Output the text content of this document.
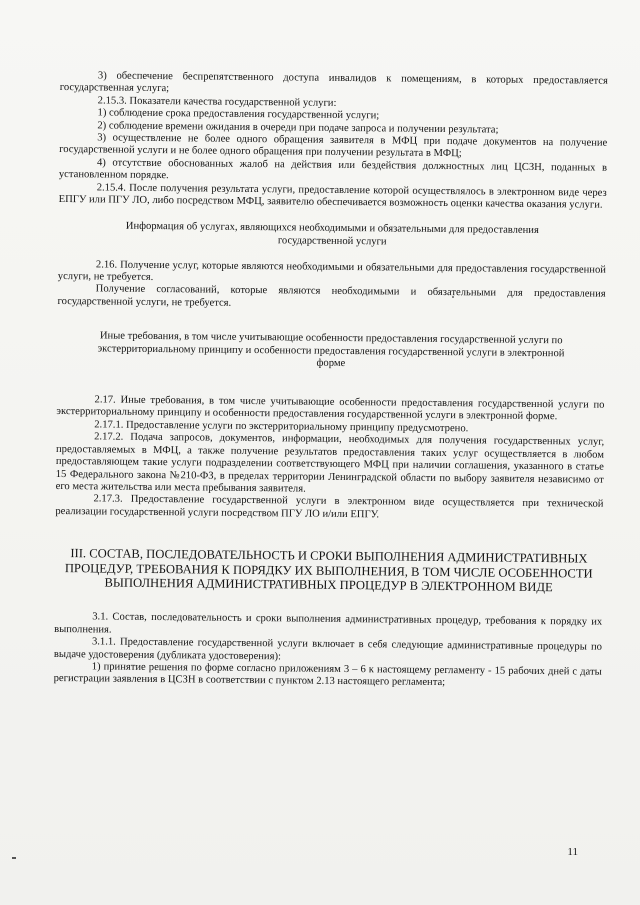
3) обеспечение беспрепятственного доступа инвалидов к помещениям, в которых предоставляется государственная услуга;

2.15.3. Показатели качества государственной услуги:

1) соблюдение срока предоставления государственной услуги;

2) соблюдение времени ожидания в очереди при подаче запроса и получении результата;

3) осуществление не более одного обращения заявителя в МФЦ при подаче документов на получение государственной услуги и не более одного обращения при получении результата в МФЦ;

4) отсутствие обоснованных жалоб на действия или бездействия должностных лиц ЦСЗН, поданных в установленном порядке.

2.15.4. После получения результата услуги, предоставление которой осуществлялось в электронном виде через ЕПГУ или ПГУ ЛО, либо посредством МФЦ, заявителю обеспечивается возможность оценки качества оказания услуги.

Информация об услугах, являющихся необходимыми и обязательными для предоставления государственной услуги

2.16. Получение услуг, которые являются необходимыми и обязательными для предоставления государственной услуги, не требуется.

Получение согласований, которые являются необходимыми и обязательными для предоставления государственной услуги, не требуется.

Иные требования, в том числе учитывающие особенности предоставления государственной услуги по экстерриториальному принципу и особенности предоставления государственной услуги в электронной форме

2.17. Иные требования, в том числе учитывающие особенности предоставления государственной услуги по экстерриториальному принципу и особенности предоставления государственной услуги в электронной форме.

2.17.1. Предоставление услуги по экстерриториальному принципу предусмотрено.

2.17.2. Подача запросов, документов, информации, необходимых для получения государственных услуг, предоставляемых в МФЦ, а также получение результатов предоставления таких услуг осуществляется в любом предоставляющем такие услуги подразделении соответствующего МФЦ при наличии соглашения, указанного в статье 15 Федерального закона №210-ФЗ, в пределах территории Ленинградской области по выбору заявителя независимо от его места жительства или места пребывания заявителя.

2.17.3. Предоставление государственной услуги в электронном виде осуществляется при технической реализации государственной услуги посредством ПГУ ЛО и/или ЕПГУ.

III. СОСТАВ, ПОСЛЕДОВАТЕЛЬНОСТЬ И СРОКИ ВЫПОЛНЕНИЯ АДМИНИСТРАТИВНЫХ ПРОЦЕДУР, ТРЕБОВАНИЯ К ПОРЯДКУ ИХ ВЫПОЛНЕНИЯ, В ТОМ ЧИСЛЕ ОСОБЕННОСТИ ВЫПОЛНЕНИЯ АДМИНИСТРАТИВНЫХ ПРОЦЕДУР В ЭЛЕКТРОННОМ ВИДЕ

3.1. Состав, последовательность и сроки выполнения административных процедур, требования к порядку их выполнения.

3.1.1. Предоставление государственной услуги включает в себя следующие административные процедуры по выдаче удостоверения (дубликата удостоверения):

1) принятие решения по форме согласно приложениям 3 – 6 к настоящему регламенту - 15 рабочих дней с даты регистрации заявления в ЦСЗН в соответствии с пунктом 2.13 настоящего регламента;

11
